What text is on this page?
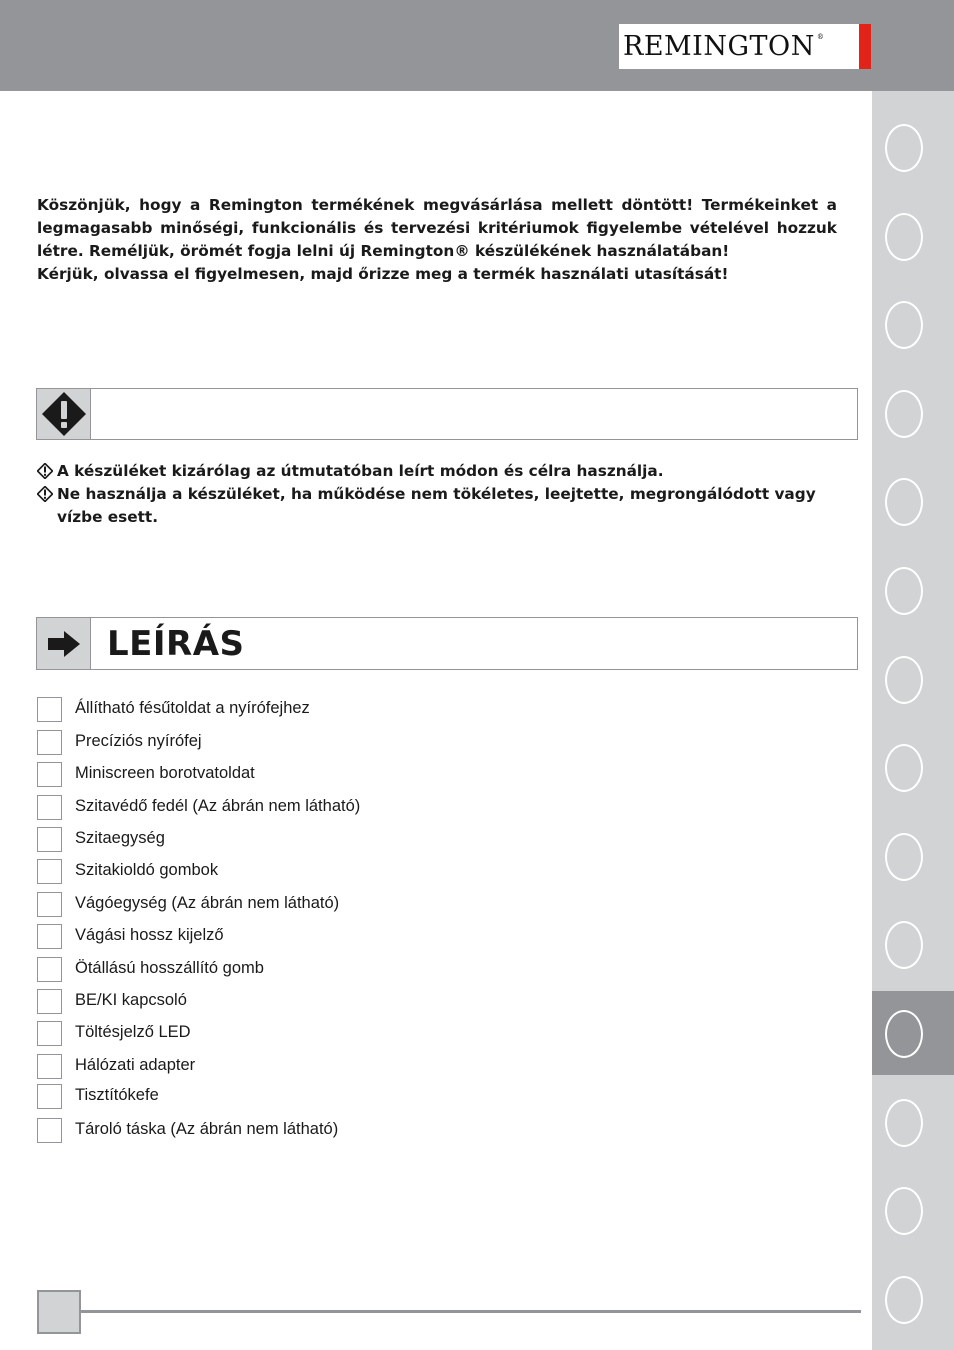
REMINGTON ®

Köszönjük, hogy a Remington termékének megvásárlása mellett döntött! Termékeinket a legmagasabb minőségi, funkcionális és tervezési kritériumok figyelembe vételével hozzuk létre. Reméljük, örömét fogja lelni új Remington® készülékének használatában!

Kérjük, olvassa el figyelmesen, majd őrizze meg a termék használati utasítását!

A készüléket kizárólag az útmutatóban leírt módon és célra használja.
Ne használja a készüléket, ha működése nem tökéletes, leejtette, megrongálódott vagy vízbe esett.
LEÍRÁS
Állítható fésűtoldat a nyírófejhez
Precíziós nyírófej
Miniscreen borotvatoldat
Szitavédő fedél (Az ábrán nem látható)
Szitaegység
Szitakioldó gombok
Vágóegység (Az ábrán nem látható)
Vágási hossz kijelző
Ötállású hosszállító gomb
BE/KI kapcsoló
Töltésjelző LED
Hálózati adapter
Tisztítókefe
Tároló táska (Az ábrán nem látható)
